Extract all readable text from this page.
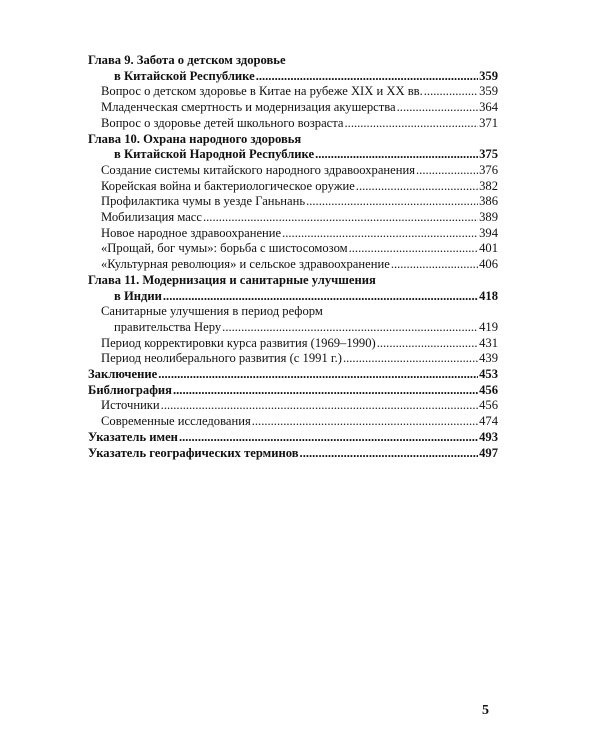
Глава 9. Забота о детском здоровье
в Китайской Республике .....	359
Вопрос о детском здоровье в Китае на рубеже XIX и XX вв. .....	359
Младенческая смертность и модернизация акушерства .....	364
Вопрос о здоровье детей школьного возраста .....	371
Глава 10. Охрана народного здоровья
в Китайской Народной Республике .....	375
Создание системы китайского народного здравоохранения .....	376
Корейская война и бактериологическое оружие .....	382
Профилактика чумы в уезде Ганьнань .....	386
Мобилизация масс .....	389
Новое народное здравоохранение .....	394
«Прощай, бог чумы»: борьба с шистосомозом .....	401
«Культурная революция» и сельское здравоохранение .....	406
Глава 11. Модернизация и санитарные улучшения
в Индии .....	418
Санитарные улучшения в период реформ
правительства Неру .....	419
Период корректировки курса развития (1969–1990) .....	431
Период неолиберального развития (с 1991 г.) .....	439
Заключение .....	453
Библиография .....	456
Источники .....	456
Современные исследования .....	474
Указатель имен .....	493
Указатель географических терминов .....	497
5
